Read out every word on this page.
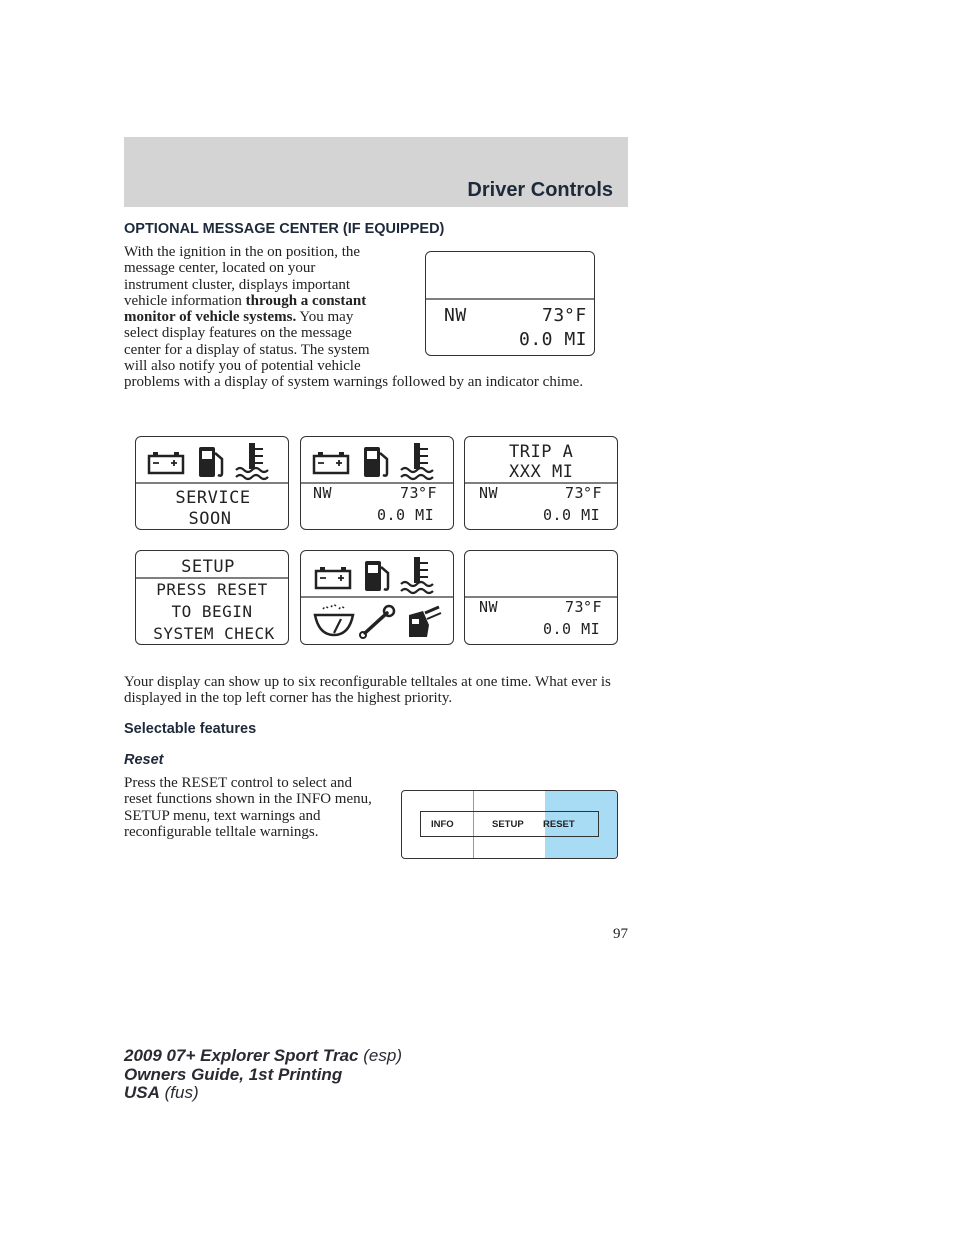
Driver Controls
OPTIONAL MESSAGE CENTER (IF EQUIPPED)

With the ignition in the on position, the message center, located on your instrument cluster, displays important vehicle information through a constant monitor of vehicle systems. You may select display features on the message center for a display of status. The system will also notify you of potential vehicle problems with a display of system warnings followed by an indicator chime.

NW	73 °F
0.0 MI
SERVICE
SOON
NW	73
°F
0.0 MI
TRIP A
XXX MI
NW	73
°F
0.0 MI
SETUP
PRESS RESET
TO BEGIN
SYSTEM CHECK
NW	73
°F
0.0 MI

Your display can show up to six reconfigurable telltales at one time. What ever is displayed in the top left corner has the highest priority.

Selectable features
Reset

Press the RESET control to select and reset functions shown in the INFO menu, SETUP menu, text warnings and reconfigurable telltale warnings.	INFO	SETUP RESET
97
2009 07+ Explorer Sport Trac (esp)
Owners Guide, 1st Printing
USA (fus)
